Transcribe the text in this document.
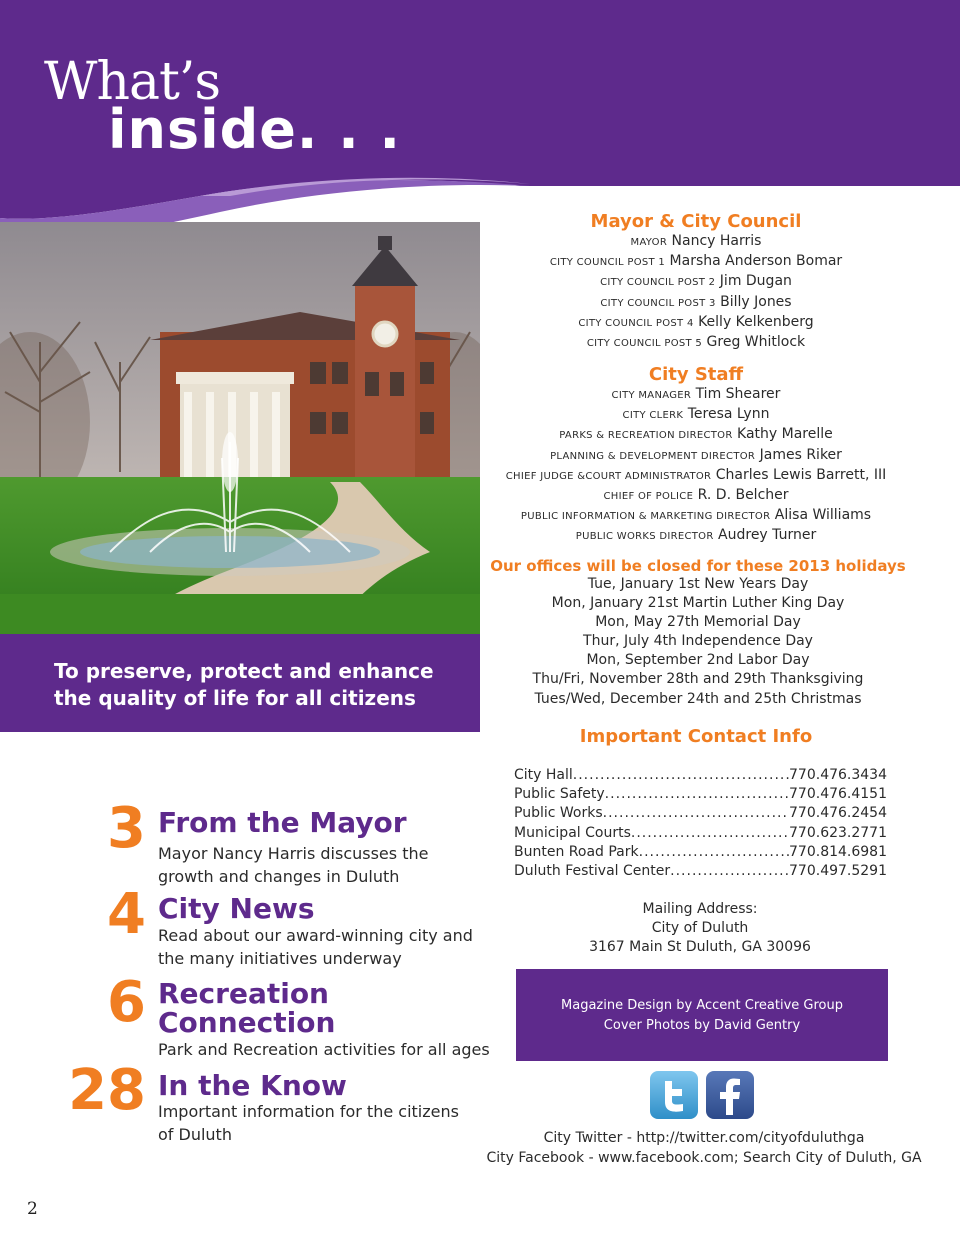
What’s
inside. . .
To preserve, protect and enhance
the quality of life for all citizens
Mayor & City Council
MAYOR Nancy Harris
CITY COUNCIL POST 1 Marsha Anderson Bomar
CITY COUNCIL POST 2 Jim Dugan
CITY COUNCIL POST 3 Billy Jones
CITY COUNCIL POST 4 Kelly Kelkenberg
CITY COUNCIL POST 5 Greg Whitlock
City Staff
CITY MANAGER Tim Shearer
CITY CLERK Teresa Lynn
PARKS & RECREATION DIRECTOR Kathy Marelle
PLANNING & DEVELOPMENT DIRECTOR James Riker
CHIEF JUDGE &COURT ADMINISTRATOR Charles Lewis Barrett, III
CHIEF OF POLICE R. D. Belcher
PUBLIC INFORMATION & MARKETING DIRECTOR Alisa Williams
PUBLIC WORKS DIRECTOR Audrey Turner
Our offices will be closed for these 2013 holidays
Tue, January 1st New Years Day
Mon, January 21st Martin Luther King Day
Mon, May 27th Memorial Day
Thur, July 4th Independence Day
Mon, September 2nd Labor Day
Thu/Fri, November 28th and 29th Thanksgiving
Tues/Wed, December 24th and 25th Christmas
Important Contact Info
City Hall .....	770.476.3434
Public Safety .....	770.476.4151
Public Works .....	770.476.2454
Municipal Courts .....	770.623.2771
Bunten Road Park .....	770.814.6981
Duluth Festival Center .....	770.497.5291
Mailing Address:
City of Duluth
3167 Main St Duluth, GA 30096
Magazine Design by Accent Creative Group
Cover Photos by David Gentry
City Twitter - http://twitter.com/cityofduluthga
City Facebook - www.facebook.com; Search City of Duluth, GA
3 From the Mayor
Mayor Nancy Harris discusses the
growth and changes in Duluth
4 City News
Read about our award-winning city and
the many initiatives underway
6 Recreation
Connection
Park and Recreation activities for all ages
28 In the Know
Important information for the citizens
of Duluth
2
